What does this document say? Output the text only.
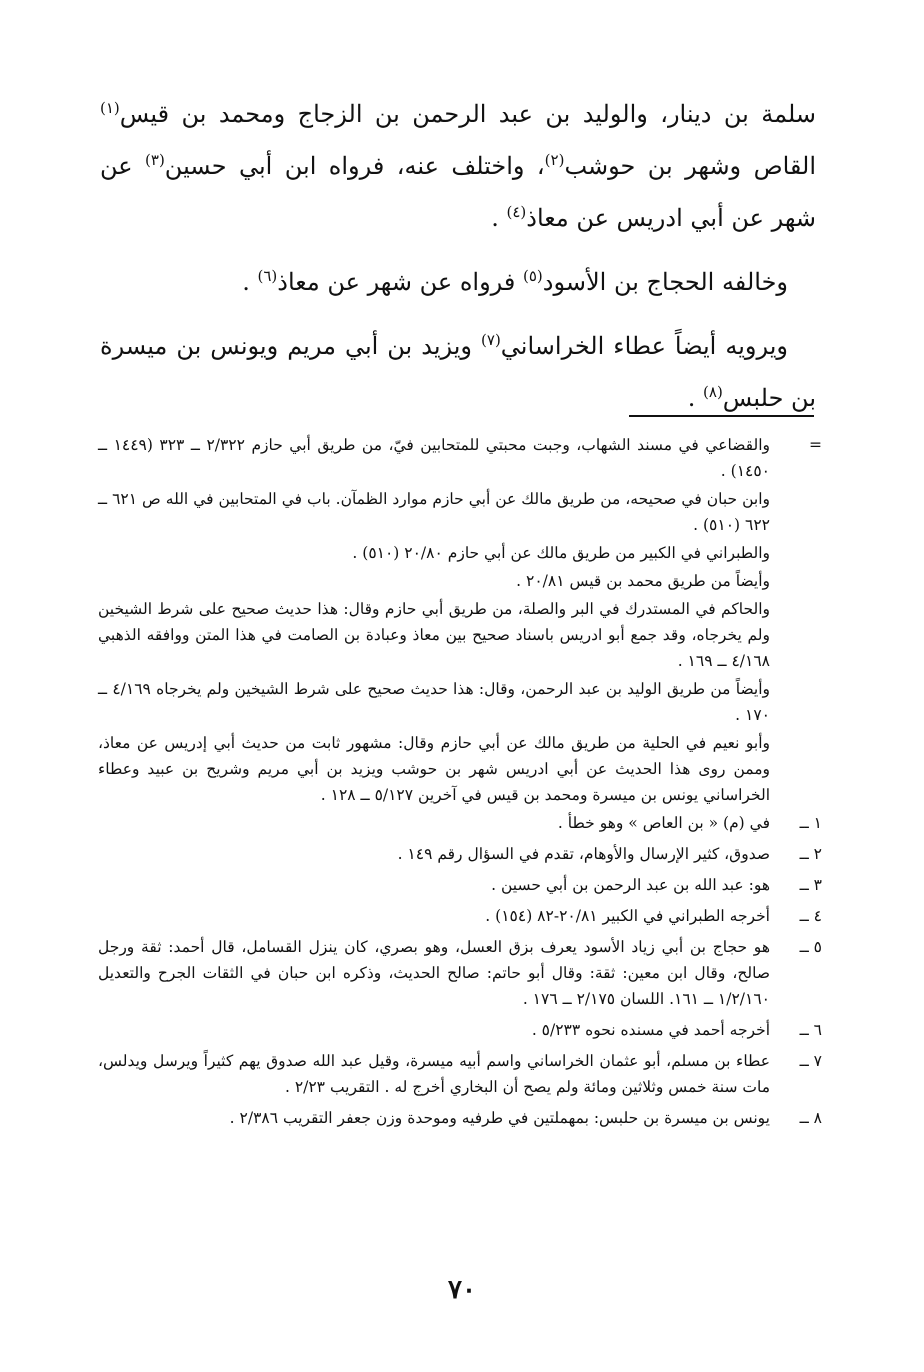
سلمة بن دينار، والوليد بن عبد الرحمن بن الزجاج ومحمد بن قيس$^{(١)}$ القاص وشهر بن حوشب$^{(٢)}$، واختلف عنه، فرواه ابن أبي حسين$^{(٣)}$ عن شهر عن أبي ادريس عن معاذ$^{(٤)}$ .

وخالفه الحجاج بن الأسود$^{(٥)}$ فرواه عن شهر عن معاذ$^{(٦)}$ .

ويرويه أيضاً عطاء الخراساني$^{(٧)}$ ويزيد بن أبي مريم ويونس بن ميسرة بن حلبس$^{(٨)}$ .

=

والقضاعي في مسند الشهاب، وجبت محبتي للمتحابين فيّ، من طريق أبي حازم ٢/٣٢٢ ــ ٣٢٣ (١٤٤٩ ــ ١٤٥٠) .

وابن حبان في صحيحه، من طريق مالك عن أبي حازم موارد الظمآن. باب في المتحابين في الله ص ٦٢١ ــ ٦٢٢ (٥١٠) .

والطبراني في الكبير من طريق مالك عن أبي حازم ٢٠/٨٠ (٥١٠) .

وأيضاً من طريق محمد بن قيس ٢٠/٨١ .

والحاكم في المستدرك في البر والصلة، من طريق أبي حازم وقال: هذا حديث صحيح على شرط الشيخين ولم يخرجاه، وقد جمع أبو ادريس باسناد صحيح بين معاذ وعبادة بن الصامت في هذا المتن ووافقه الذهبي ٤/١٦٨ ــ ١٦٩ .

وأيضاً من طريق الوليد بن عبد الرحمن، وقال: هذا حديث صحيح على شرط الشيخين ولم يخرجاه ٤/١٦٩ ــ ١٧٠ .

وأبو نعيم في الحلية من طريق مالك عن أبي حازم وقال: مشهور ثابت من حديث أبي إدريس عن معاذ، وممن روى هذا الحديث عن أبي ادريس شهر بن حوشب ويزيد بن أبي مريم وشريح بن عبيد وعطاء الخراساني يونس بن ميسرة ومحمد بن قيس في آخرين ٥/١٢٧ ــ ١٢٨ .

١ ــ
في (م) « بن العاص » وهو خطأ .
٢ ــ
صدوق، كثير الإرسال والأوهام، تقدم في السؤال رقم ١٤٩ .
٣ ــ
هو: عبد الله بن عبد الرحمن بن أبي حسين .
٤ ــ
أخرجه الطبراني في الكبير ٢٠/٨١-٨٢ (١٥٤) .
٥ ــ
هو حجاج بن أبي زياد الأسود يعرف بزق العسل، وهو بصري، كان ينزل القسامل، قال أحمد: ثقة ورجل صالح، وقال ابن معين: ثقة: وقال أبو حاتم: صالح الحديث، وذكره ابن حبان في الثقات الجرح والتعديل ١/٢/١٦٠ ــ ١٦١. اللسان ٢/١٧٥ ــ ١٧٦ .
٦ ــ
أخرجه أحمد في مسنده نحوه ٥/٢٣٣ .
٧ ــ
عطاء بن مسلم، أبو عثمان الخراساني واسم أبيه ميسرة، وقيل عبد الله صدوق يهم كثيراً ويرسل ويدلس، مات سنة خمس وثلاثين ومائة ولم يصح أن البخاري أخرج له . التقريب ٢/٢٣ .
٨ ــ
يونس بن ميسرة بن حلبس: بمهملتين في طرفيه وموحدة وزن جعفر التقريب ٢/٣٨٦ .
٧٠
